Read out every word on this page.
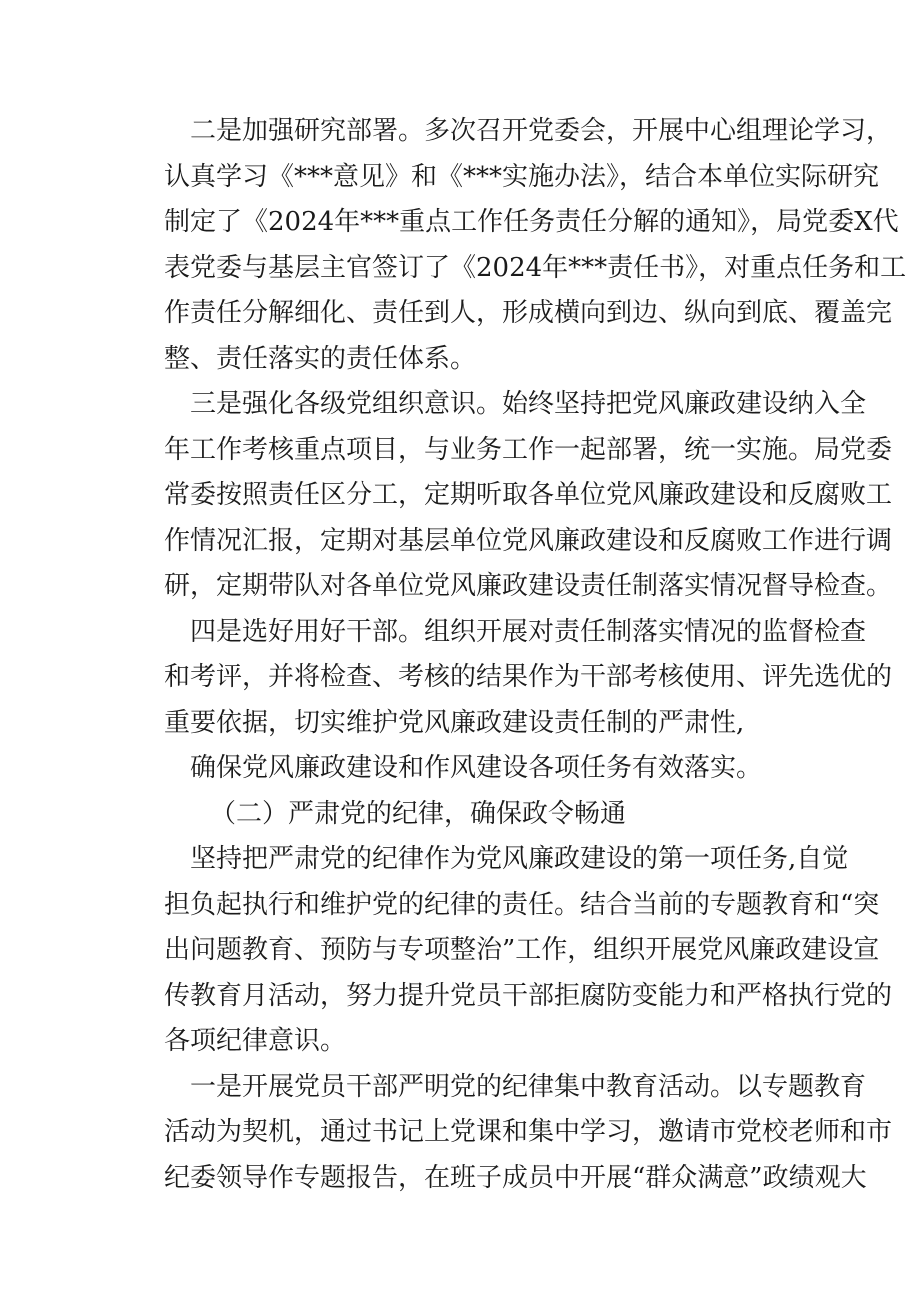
二是加强研究部署。多次召开党委会，开展中心组理论学习，
认真学习《***意见》和《***实施办法》，结合本单位实际研究
制定了《2024年***重点工作任务责任分解的通知》，局党委X代
表党委与基层主官签订了《2024年***责任书》，对重点任务和工
作责任分解细化、责任到人，形成横向到边、纵向到底、覆盖完
整、责任落实的责任体系。
三是强化各级党组织意识。始终坚持把党风廉政建设纳入全
年工作考核重点项目，与业务工作一起部署，统一实施。局党委
常委按照责任区分工，定期听取各单位党风廉政建设和反腐败工
作情况汇报，定期对基层单位党风廉政建设和反腐败工作进行调
研，定期带队对各单位党风廉政建设责任制落实情况督导检查。
四是选好用好干部。组织开展对责任制落实情况的监督检查
和考评，并将检查、考核的结果作为干部考核使用、评先选优的
重要依据，切实维护党风廉政建设责任制的严肃性,
确保党风廉政建设和作风建设各项任务有效落实。
（二）严肃党的纪律，确保政令畅通
坚持把严肃党的纪律作为党风廉政建设的第一项任务,自觉
担负起执行和维护党的纪律的责任。结合当前的专题教育和“突
出问题教育、预防与专项整治”工作，组织开展党风廉政建设宣
传教育月活动，努力提升党员干部拒腐防变能力和严格执行党的
各项纪律意识。
一是开展党员干部严明党的纪律集中教育活动。以专题教育
活动为契机，通过书记上党课和集中学习，邀请市党校老师和市
纪委领导作专题报告，在班子成员中开展“群众满意”政绩观大
